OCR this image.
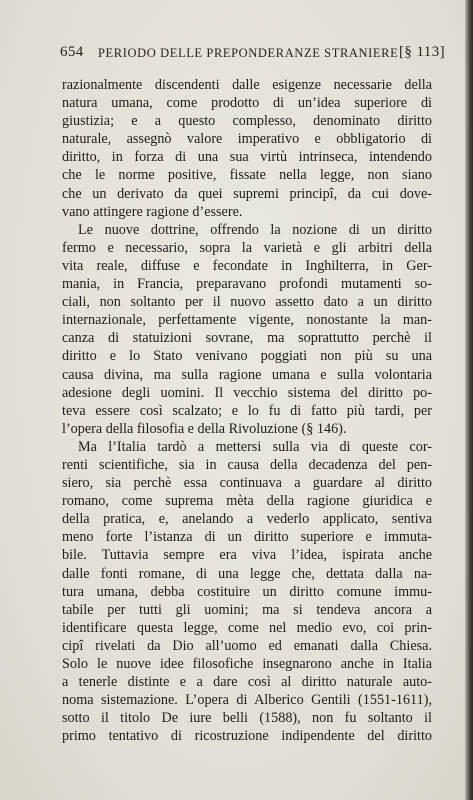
654 PERIODO DELLE PREPONDERANZE STRANIERE [§ 113]
razionalmente discendenti dalle esigenze necessarie della
natura umana, come prodotto di un’idea superiore di
giustizia; e a questo complesso, denominato diritto
naturale, assegnò valore imperativo e obbligatorio di
diritto, in forza di una sua virtù intrinseca, intendendo
che le norme positive, fissate nella legge, non siano
che un derivato da quei supremi principî, da cui dove-
vano attingere ragione d’essere.
Le nuove dottrine, offrendo la nozione di un diritto
fermo e necessario, sopra la varietà e gli arbitri della
vita reale, diffuse e fecondate in Inghilterra, in Ger-
mania, in Francia, preparavano profondi mutamenti so-
ciali, non soltanto per il nuovo assetto dato a un diritto
internazionale, perfettamente vigente, nonostante la man-
canza di statuizioni sovrane, ma soprattutto perchè il
diritto e lo Stato venivano poggiati non più su una
causa divina, ma sulla ragione umana e sulla volontaria
adesione degli uomini. Il vecchio sistema del diritto po-
teva essere così scalzato; e lo fu di fatto più tardi, per
l’opera della filosofia e della Rivoluzione (§ 146).
Ma l’Italia tardò a mettersi sulla via di queste cor-
renti scientifiche, sia in causa della decadenza del pen-
siero, sia perchè essa continuava a guardare al diritto
romano, come suprema mèta della ragione giuridica e
della pratica, e, anelando a vederlo applicato, sentiva
meno forte l’istanza di un diritto superiore e immuta-
bile. Tuttavia sempre era viva l’idea, ispirata anche
dalle fonti romane, di una legge che, dettata dalla na-
tura umana, debba costituire un diritto comune immu-
tabile per tutti gli uomini; ma si tendeva ancora a
identificare questa legge, come nel medio evo, coi prin-
cipî rivelati da Dio all’uomo ed emanati dalla Chiesa.
Solo le nuove idee filosofiche insegnarono anche in Italia
a tenerle distinte e a dare così al diritto naturale auto-
noma sistemazione. L’opera di Alberico Gentili (1551-1611),
sotto il titolo De iure belli (1588), non fu soltanto il
primo tentativo di ricostruzione indipendente del diritto
